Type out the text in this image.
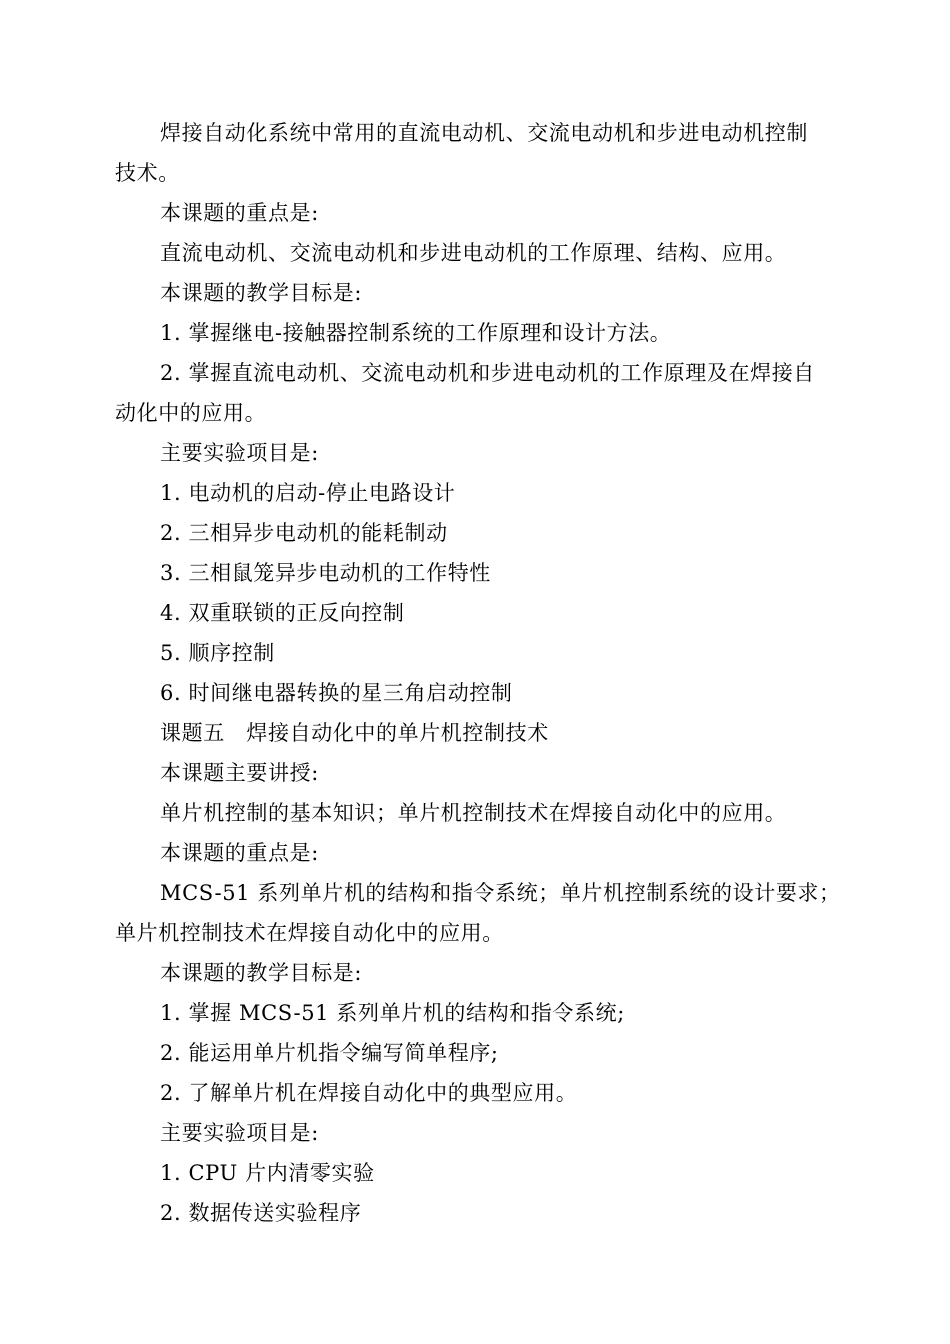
焊接自动化系统中常用的直流电动机、交流电动机和步进电动机控制
技术。
本课题的重点是:
直流电动机、交流电动机和步进电动机的工作原理、结构、应用。
本课题的教学目标是:
1. 掌握继电-接触器控制系统的工作原理和设计方法。
2. 掌握直流电动机、交流电动机和步进电动机的工作原理及在焊接自
动化中的应用。
主要实验项目是:
1. 电动机的启动-停止电路设计
2. 三相异步电动机的能耗制动
3. 三相鼠笼异步电动机的工作特性
4. 双重联锁的正反向控制
5. 顺序控制
6. 时间继电器转换的星三角启动控制
课题五　焊接自动化中的单片机控制技术
本课题主要讲授:
单片机控制的基本知识；单片机控制技术在焊接自动化中的应用。
本课题的重点是:
MCS-51 系列单片机的结构和指令系统；单片机控制系统的设计要求；
单片机控制技术在焊接自动化中的应用。
本课题的教学目标是:
1. 掌握 MCS-51 系列单片机的结构和指令系统;
2. 能运用单片机指令编写简单程序;
2. 了解单片机在焊接自动化中的典型应用。
主要实验项目是:
1. CPU 片内清零实验
2. 数据传送实验程序
